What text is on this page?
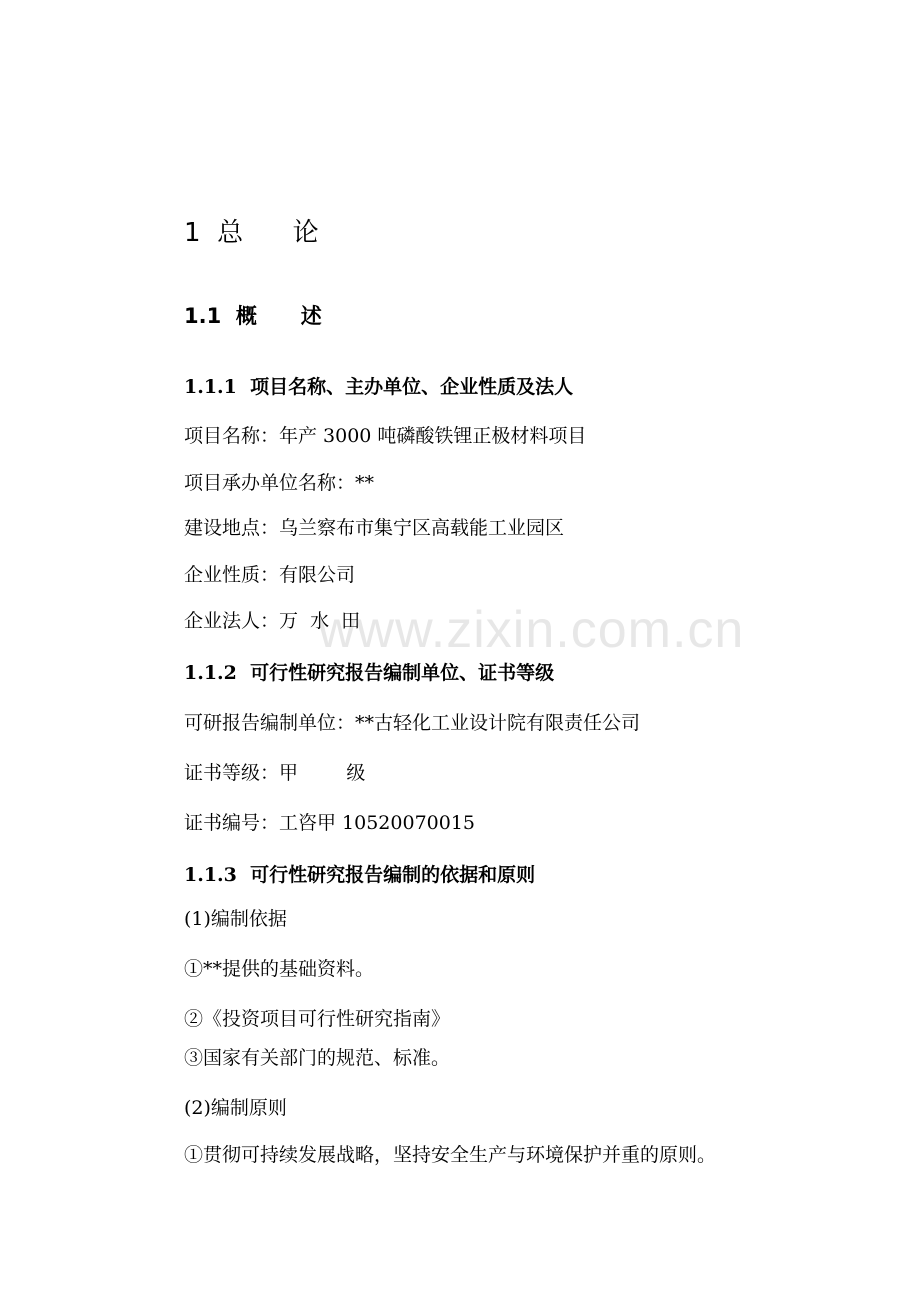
1  总      论
1.1  概      述
1.1.1  项目名称、主办单位、企业性质及法人
项目名称：年产 3000 吨磷酸铁锂正极材料项目
项目承办单位名称：**
建设地点：乌兰察布市集宁区高载能工业园区
企业性质：有限公司
企业法人：万  水  田
1.1.2  可行性研究报告编制单位、证书等级
可研报告编制单位：**古轻化工业设计院有限责任公司
证书等级：甲        级
证书编号：工咨甲 10520070015
1.1.3  可行性研究报告编制的依据和原则
(1)编制依据
①**提供的基础资料。
②《投资项目可行性研究指南》
③国家有关部门的规范、标准。
(2)编制原则
①贯彻可持续发展战略，坚持安全生产与环境保护并重的原则。
www.zixin.com.cn
